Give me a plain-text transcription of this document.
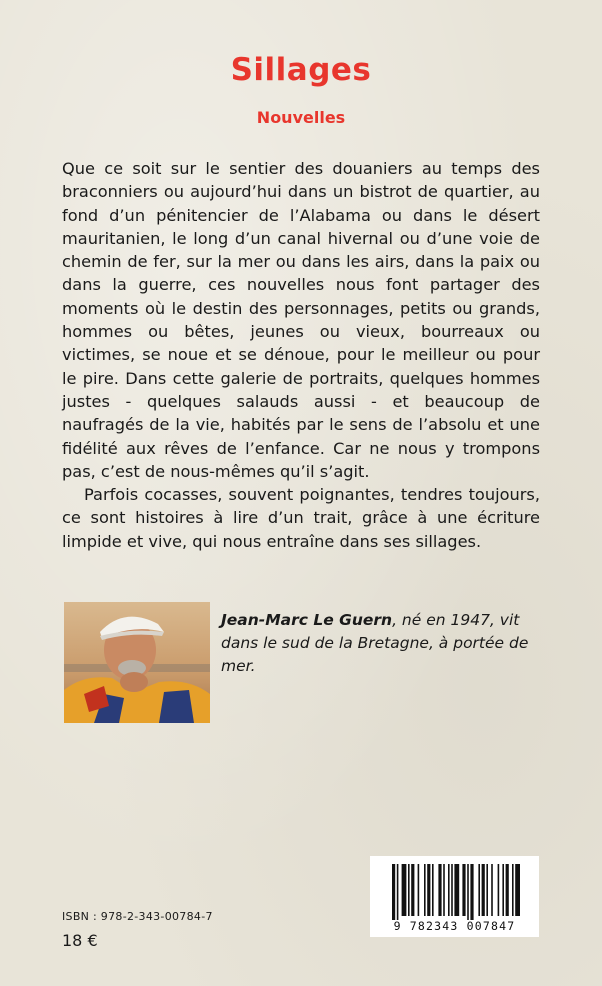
Sillages
Nouvelles

Que ce soit sur le sentier des douaniers au temps des braconniers ou aujourd’hui dans un bistrot de quartier, au fond d’un pénitencier de l’Alabama ou dans le désert mauritanien, le long d’un canal hivernal ou d’une voie de chemin de fer, sur la mer ou dans les airs, dans la paix ou dans la guerre, ces nouvelles nous font partager des moments où le destin des personnages, petits ou grands, hommes ou bêtes, jeunes ou vieux, bourreaux ou victimes, se noue et se dénoue, pour le meilleur ou pour le pire. Dans cette galerie de portraits, quelques hommes justes - quelques salauds aussi - et beaucoup de naufragés de la vie, habités par le sens de l’absolu et une fidélité aux rêves de l’enfance. Car ne nous y trompons pas, c’est de nous-mêmes qu’il s’agit.

Parfois cocasses, souvent poignantes, tendres toujours, ce sont histoires à lire d’un trait, grâce à une écriture limpide et vive, qui nous entraîne dans ses sillages.

Jean-Marc Le Guern, né en 1947, vit dans le sud de la Bretagne, à portée de mer.
ISBN : 978-2-343-00784-7
18 €
9 782343 007847
